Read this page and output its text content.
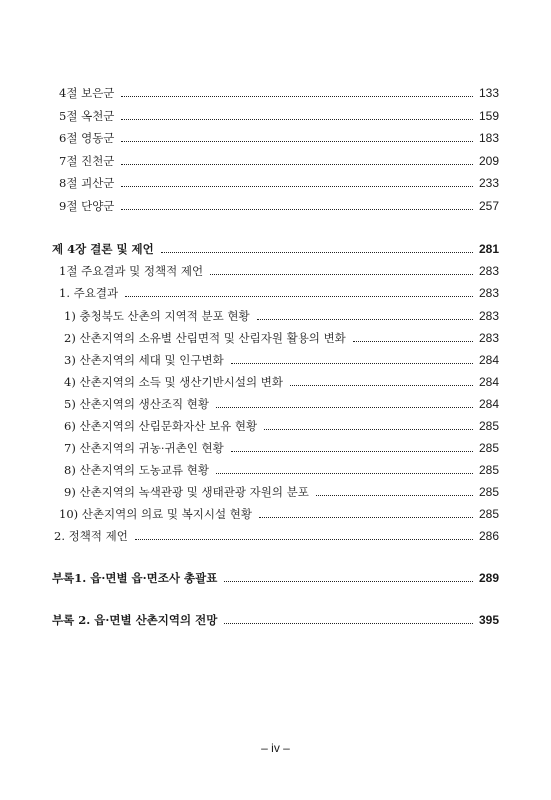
4절 보은군	133
5절 옥천군	159
6절 영동군	183
7절 진천군	209
8절 괴산군	233
9절 단양군	257
제 4장 결론 및 제언	281
1절 주요결과 및 정책적 제언	283
1. 주요결과	283
1) 충청북도 산촌의 지역적 분포 현황	283
2) 산촌지역의 소유별 산림면적 및 산림자원 활용의 변화	283
3) 산촌지역의 세대 및 인구변화	284
4) 산촌지역의 소득 및 생산기반시설의 변화	284
5) 산촌지역의 생산조직 현황	284
6) 산촌지역의 산림문화자산 보유 현황	285
7) 산촌지역의 귀농·귀촌인 현황	285
8) 산촌지역의 도농교류 현황	285
9) 산촌지역의 녹색관광 및 생태관광 자원의 분포	285
10) 산촌지역의 의료 및 복지시설 현황	285
2. 정책적 제언	286
부록1. 읍·면별 읍·면조사 총괄표	289
부록 2. 읍·면별 산촌지역의 전망	395
– iv –
